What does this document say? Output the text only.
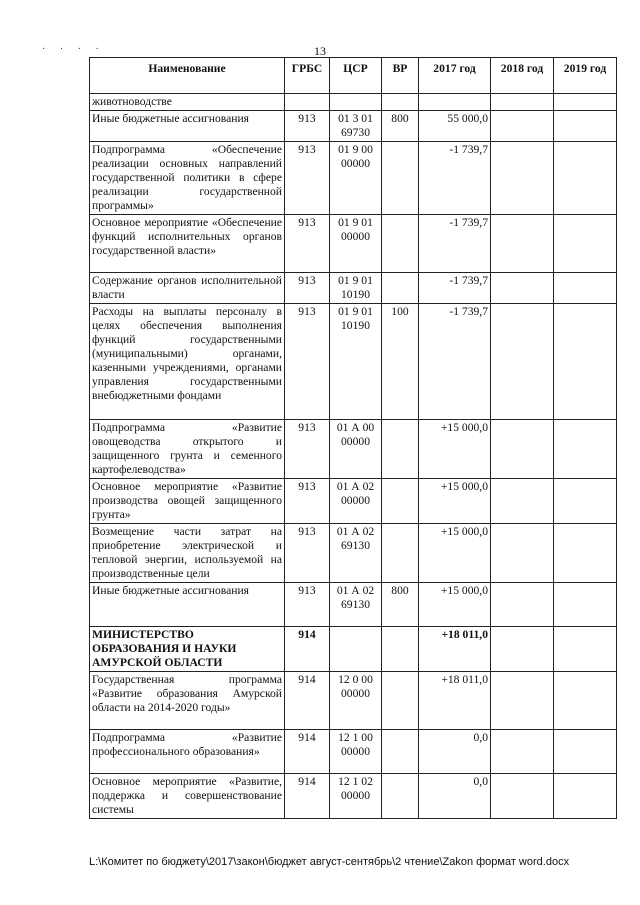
· · · ·	13
Наименование	ГРБС	ЦСР	ВР	2017 год	2018 год	2019 год
животноводстве						
Иные бюджетные ассигнования	913	01 3 01 69730	800	55 000,0		
Подпрограмма «Обеспечение реализации основных направлений государственной политики в сфере реализации государственной программы»	913	01 9 00 00000		-1 739,7		
Основное мероприятие «Обеспечение функций исполнительных органов государственной власти»	913	01 9 01 00000		-1 739,7		
Содержание органов исполнительной власти	913	01 9 01 10190		-1 739,7		
Расходы на выплаты персоналу в целях обеспечения выполнения функций государственными (муниципальными) органами, казенными учреждениями, органами управления государственными внебюджетными фондами	913	01 9 01 10190	100	-1 739,7		
Подпрограмма «Развитие овощеводства открытого и защищенного грунта и семенного картофелеводства»	913	01 А 00 00000		+15 000,0		
Основное мероприятие «Развитие производства овощей защищенного грунта»	913	01 А 02 00000		+15 000,0		
Возмещение части затрат на приобретение электрической и тепловой энергии, используемой на производственные цели	913	01 А 02 69130		+15 000,0		
Иные бюджетные ассигнования	913	01 А 02 69130	800	+15 000,0		
МИНИСТЕРСТВО ОБРАЗОВАНИЯ И НАУКИ АМУРСКОЙ ОБЛАСТИ	914			+18 011,0		
Государственная программа «Развитие образования Амурской области на 2014-2020 годы»	914	12 0 00 00000		+18 011,0		
Подпрограмма «Развитие профессионального образования»	914	12 1 00 00000		0,0		
Основное мероприятие «Развитие, поддержка и совершенствование системы	914	12 1 02 00000		0,0		
L:\Комитет по бюджету\2017\закон\бюджет август-сентябрь\2 чтение\Zakon формат word.docx
